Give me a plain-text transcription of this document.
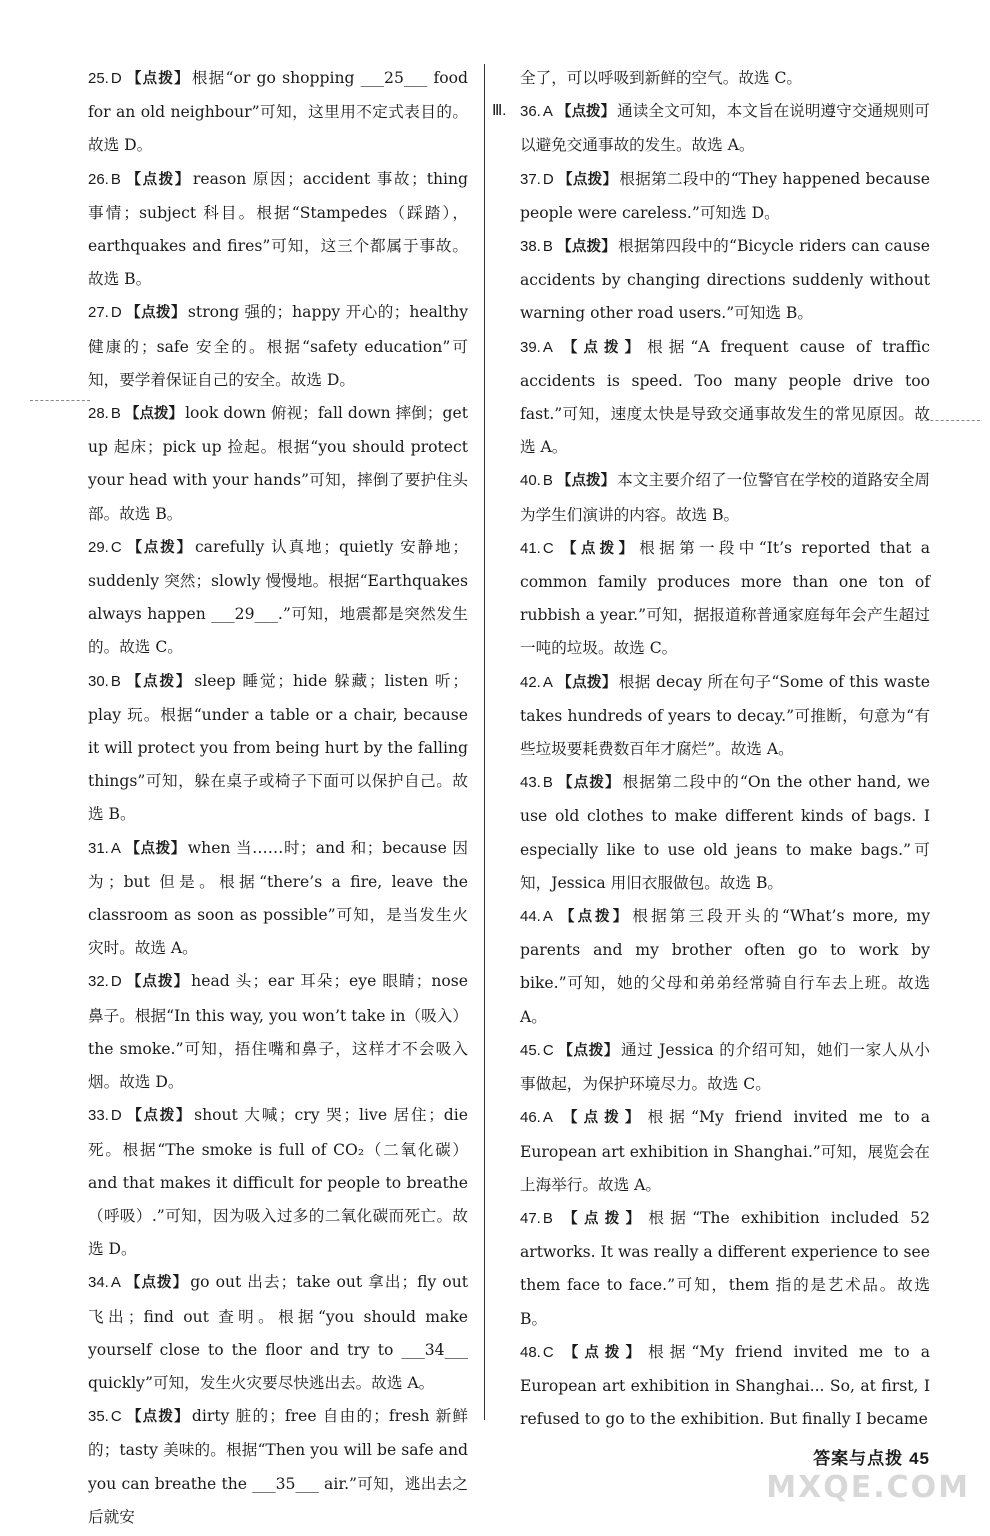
25. D 【点拨】 根据“or go shopping ___25___ food for an old neighbour”可知，这里用不定式表目的。故选 D。
26. B 【点拨】 reason 原因；accident 事故；thing 事情；subject 科目。根据“Stampedes（踩踏），earthquakes and fires”可知，这三个都属于事故。故选 B。
27. D 【点拨】 strong 强的；happy 开心的；healthy 健康的；safe 安全的。根据“safety education”可知，要学着保证自己的安全。故选 D。
28. B 【点拨】 look down 俯视；fall down 摔倒；get up 起床；pick up 捡起。根据“you should protect your head with your hands”可知，摔倒了要护住头部。故选 B。
29. C 【点拨】 carefully 认真地；quietly 安静地；suddenly 突然；slowly 慢慢地。根据“Earthquakes always happen ___29___.”可知，地震都是突然发生的。故选 C。
30. B 【点拨】 sleep 睡觉；hide 躲藏；listen 听；play 玩。根据“under a table or a chair, because it will protect you from being hurt by the falling things”可知，躲在桌子或椅子下面可以保护自己。故选 B。
31. A 【点拨】 when 当……时；and 和；because 因为；but 但是。根据“there’s a fire, leave the classroom as soon as possible”可知，是当发生火灾时。故选 A。
32. D 【点拨】 head 头；ear 耳朵；eye 眼睛；nose 鼻子。根据“In this way, you won’t take in（吸入）the smoke.”可知，捂住嘴和鼻子，这样才不会吸入烟。故选 D。
33. D 【点拨】 shout 大喊；cry 哭；live 居住；die 死。根据“The smoke is full of CO₂（二氧化碳）and that makes it difficult for people to breathe（呼吸）.”可知，因为吸入过多的二氧化碳而死亡。故选 D。
34. A 【点拨】 go out 出去；take out 拿出；fly out 飞出；find out 查明。根据“you should make yourself close to the floor and try to ___34___ quickly”可知，发生火灾要尽快逃出去。故选 A。
35. C 【点拨】 dirty 脏的；free 自由的；fresh 新鲜的；tasty 美味的。根据“Then you will be safe and you can breathe the ___35___ air.”可知，逃出去之后就安
全了，可以呼吸到新鲜的空气。故选 C。
Ⅲ. 36. A 【点拨】 通读全文可知，本文旨在说明遵守交通规则可以避免交通事故的发生。故选 A。
37. D 【点拨】 根据第二段中的“They happened because people were careless.”可知选 D。
38. B 【点拨】 根据第四段中的“Bicycle riders can cause accidents by changing directions suddenly without warning other road users.”可知选 B。
39. A 【点拨】 根据“A frequent cause of traffic accidents is speed. Too many people drive too fast.”可知，速度太快是导致交通事故发生的常见原因。故选 A。
40. B 【点拨】 本文主要介绍了一位警官在学校的道路安全周为学生们演讲的内容。故选 B。
41. C 【点拨】 根据第一段中“It’s reported that a common family produces more than one ton of rubbish a year.”可知，据报道称普通家庭每年会产生超过一吨的垃圾。故选 C。
42. A 【点拨】 根据 decay 所在句子“Some of this waste takes hundreds of years to decay.”可推断，句意为“有些垃圾要耗费数百年才腐烂”。故选 A。
43. B 【点拨】 根据第二段中的“On the other hand, we use old clothes to make different kinds of bags. I especially like to use old jeans to make bags.”可知，Jessica 用旧衣服做包。故选 B。
44. A 【点拨】 根据第三段开头的“What’s more, my parents and my brother often go to work by bike.”可知，她的父母和弟弟经常骑自行车去上班。故选 A。
45. C 【点拨】 通过 Jessica 的介绍可知，她们一家人从小事做起，为保护环境尽力。故选 C。
46. A 【点拨】 根据“My friend invited me to a European art exhibition in Shanghai.”可知，展览会在上海举行。故选 A。
47. B 【点拨】 根据“The exhibition included 52 artworks. It was really a different experience to see them face to face.”可知，them 指的是艺术品。故选 B。
48. C 【点拨】 根据“My friend invited me to a European art exhibition in Shanghai... So, at first, I refused to go to the exhibition. But finally I became
答案与点拨 45
MXQE.COM
